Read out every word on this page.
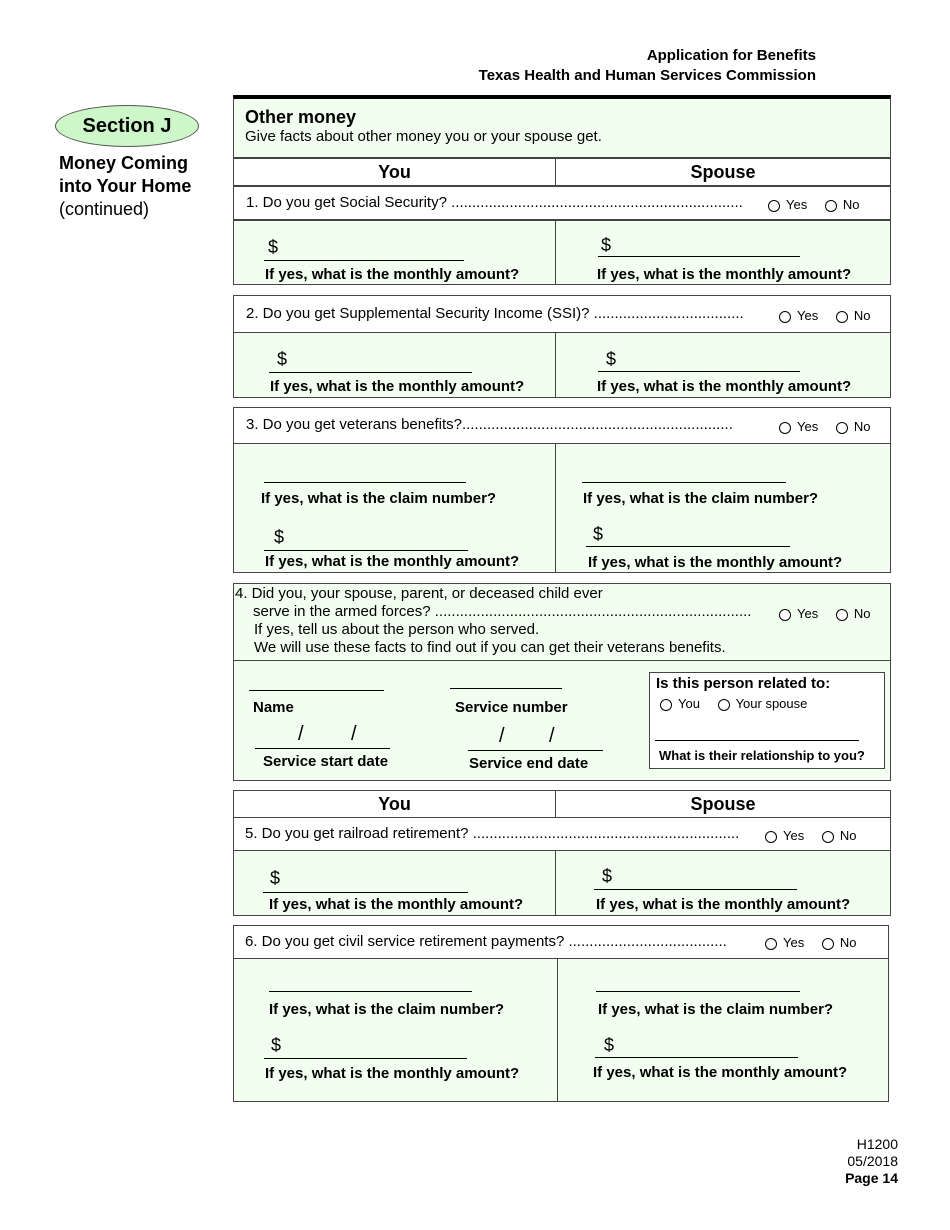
Application for Benefits
Texas Health and Human Services Commission
Section J
Money Coming
into Your Home
(continued)
Other money
Give facts about other money you or your spouse get.
You	Spouse
1. Do you get Social Security? ......................................................................	Yes	No
$
If yes, what is the monthly amount?
$
If yes, what is the monthly amount?
2. Do you get Supplemental Security Income (SSI)? ....................................	Yes	No
$
If yes, what is the monthly amount?
$
If yes, what is the monthly amount?
3. Do you get veterans benefits?.................................................................	Yes	No
If yes, what is the claim number?
$
If yes, what is the monthly amount?
If yes, what is the claim number?
$
If yes, what is the monthly amount?
4. Did you, your spouse, parent, or deceased child ever
serve in the armed forces? ............................................................................	Yes	No
If yes, tell us about the person who served.
We will use these facts to find out if you can get their veterans benefits.
Name	Service number
/ /
Service start date
/ /
Service end date
Is this person related to:
You	Your spouse
What is their relationship to you?
You	Spouse
5. Do you get railroad retirement? ................................................................	Yes	No
$
If yes, what is the monthly amount?
$
If yes, what is the monthly amount?
6. Do you get civil service retirement payments? ......................................	Yes	No
If yes, what is the claim number?
$
If yes, what is the monthly amount?
If yes, what is the claim number?
$
If yes, what is the monthly amount?
H1200
05/2018
Page 14
